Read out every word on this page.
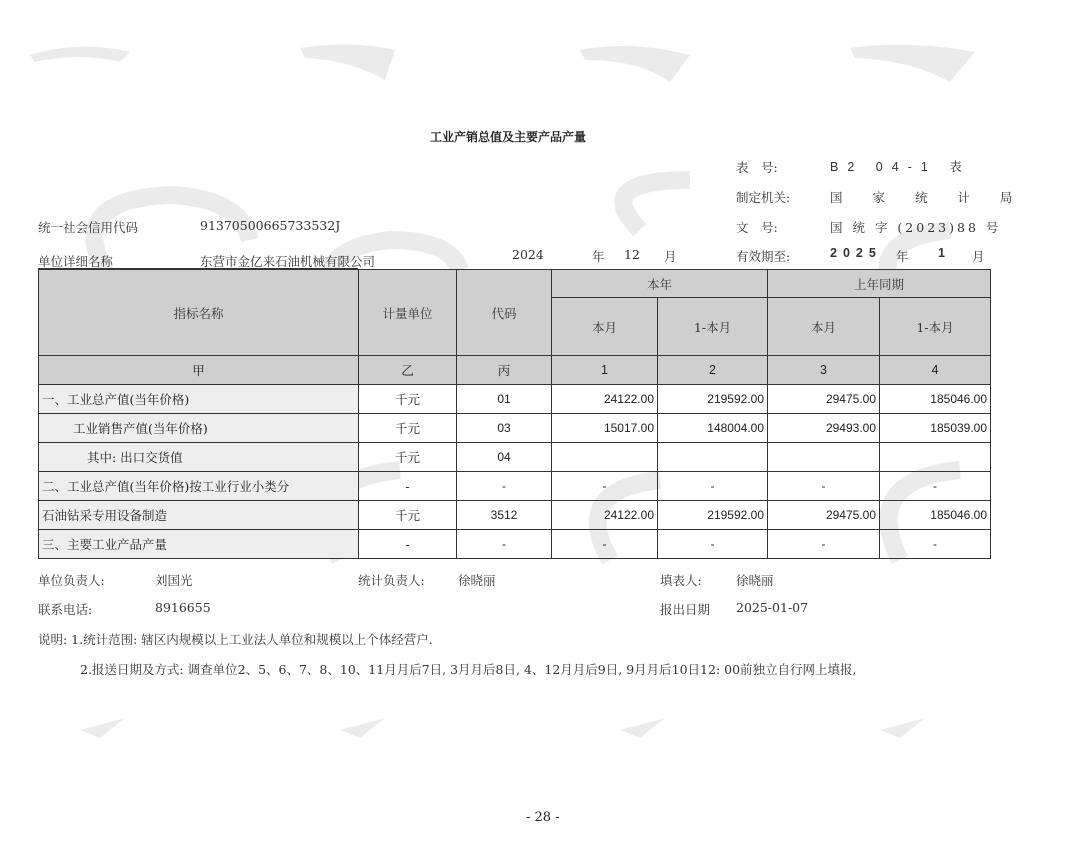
工业产销总值及主要产品产量
表　号:	B2 04-1 表
制定机关:	国 家 统 计 局
文　号:	国 统 字 (2023)88 号
有效期至:	2025 年 1 月
统一社会信用代码	91370500665733532J
单位详细名称	东营市金亿来石油机械有限公司	2024	年 12 月
指标名称	计量单位	代码	本年		上年同期	
			本月	1-本月	本月	1-本月
甲	乙	丙	1	2	3	4
一、工业总产值(当年价格)	千元	01	24122.00	219592.00	29475.00	185046.00
工业销售产值(当年价格)	千元	03	15017.00	148004.00	29493.00	185039.00
其中: 出口交货值	千元	04				
二、工业总产值(当年价格)按工业行业小类分	-	-	-	-	-	-
石油钻采专用设备制造	千元	3512	24122.00	219592.00	29475.00	185046.00
三、主要工业产品产量	-	-	-	-	-	-
单位负责人:	刘国光	统计负责人:	徐晓丽	填表人:	徐晓丽
联系电话:	8916655	报出日期 2025-01-07
说明: 1.统计范围: 辖区内规模以上工业法人单位和规模以上个体经营户.
2.报送日期及方式: 调查单位2、5、6、7、8、10、11月月后7日, 3月月后8日, 4、12月月后9日, 9月月后10日12: 00前独立自行网上填报,
- 28 -
